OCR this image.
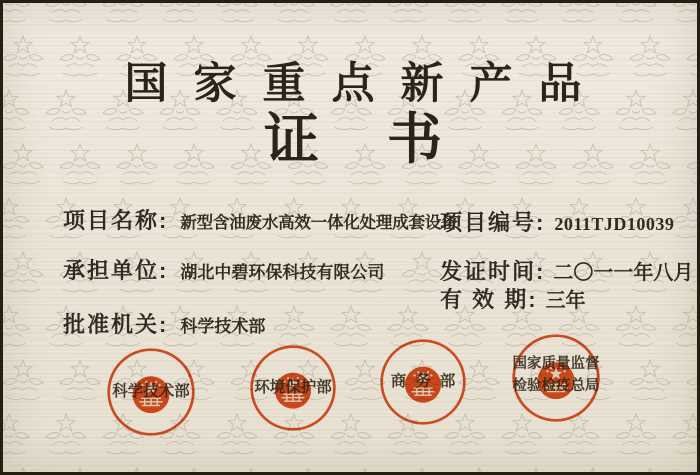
国家重点新产品
证书
项目名称: 新型含油废水高效一体化处理成套设备
项目编号: 2011TJD10039
承担单位: 湖北中碧环保科技有限公司	发证时间: 二〇一一年八月
有 效 期: 三年
批准机关: 科学技术部
科学技术部	环境保护部	商务部
国家质量监督
检验检疫总局
